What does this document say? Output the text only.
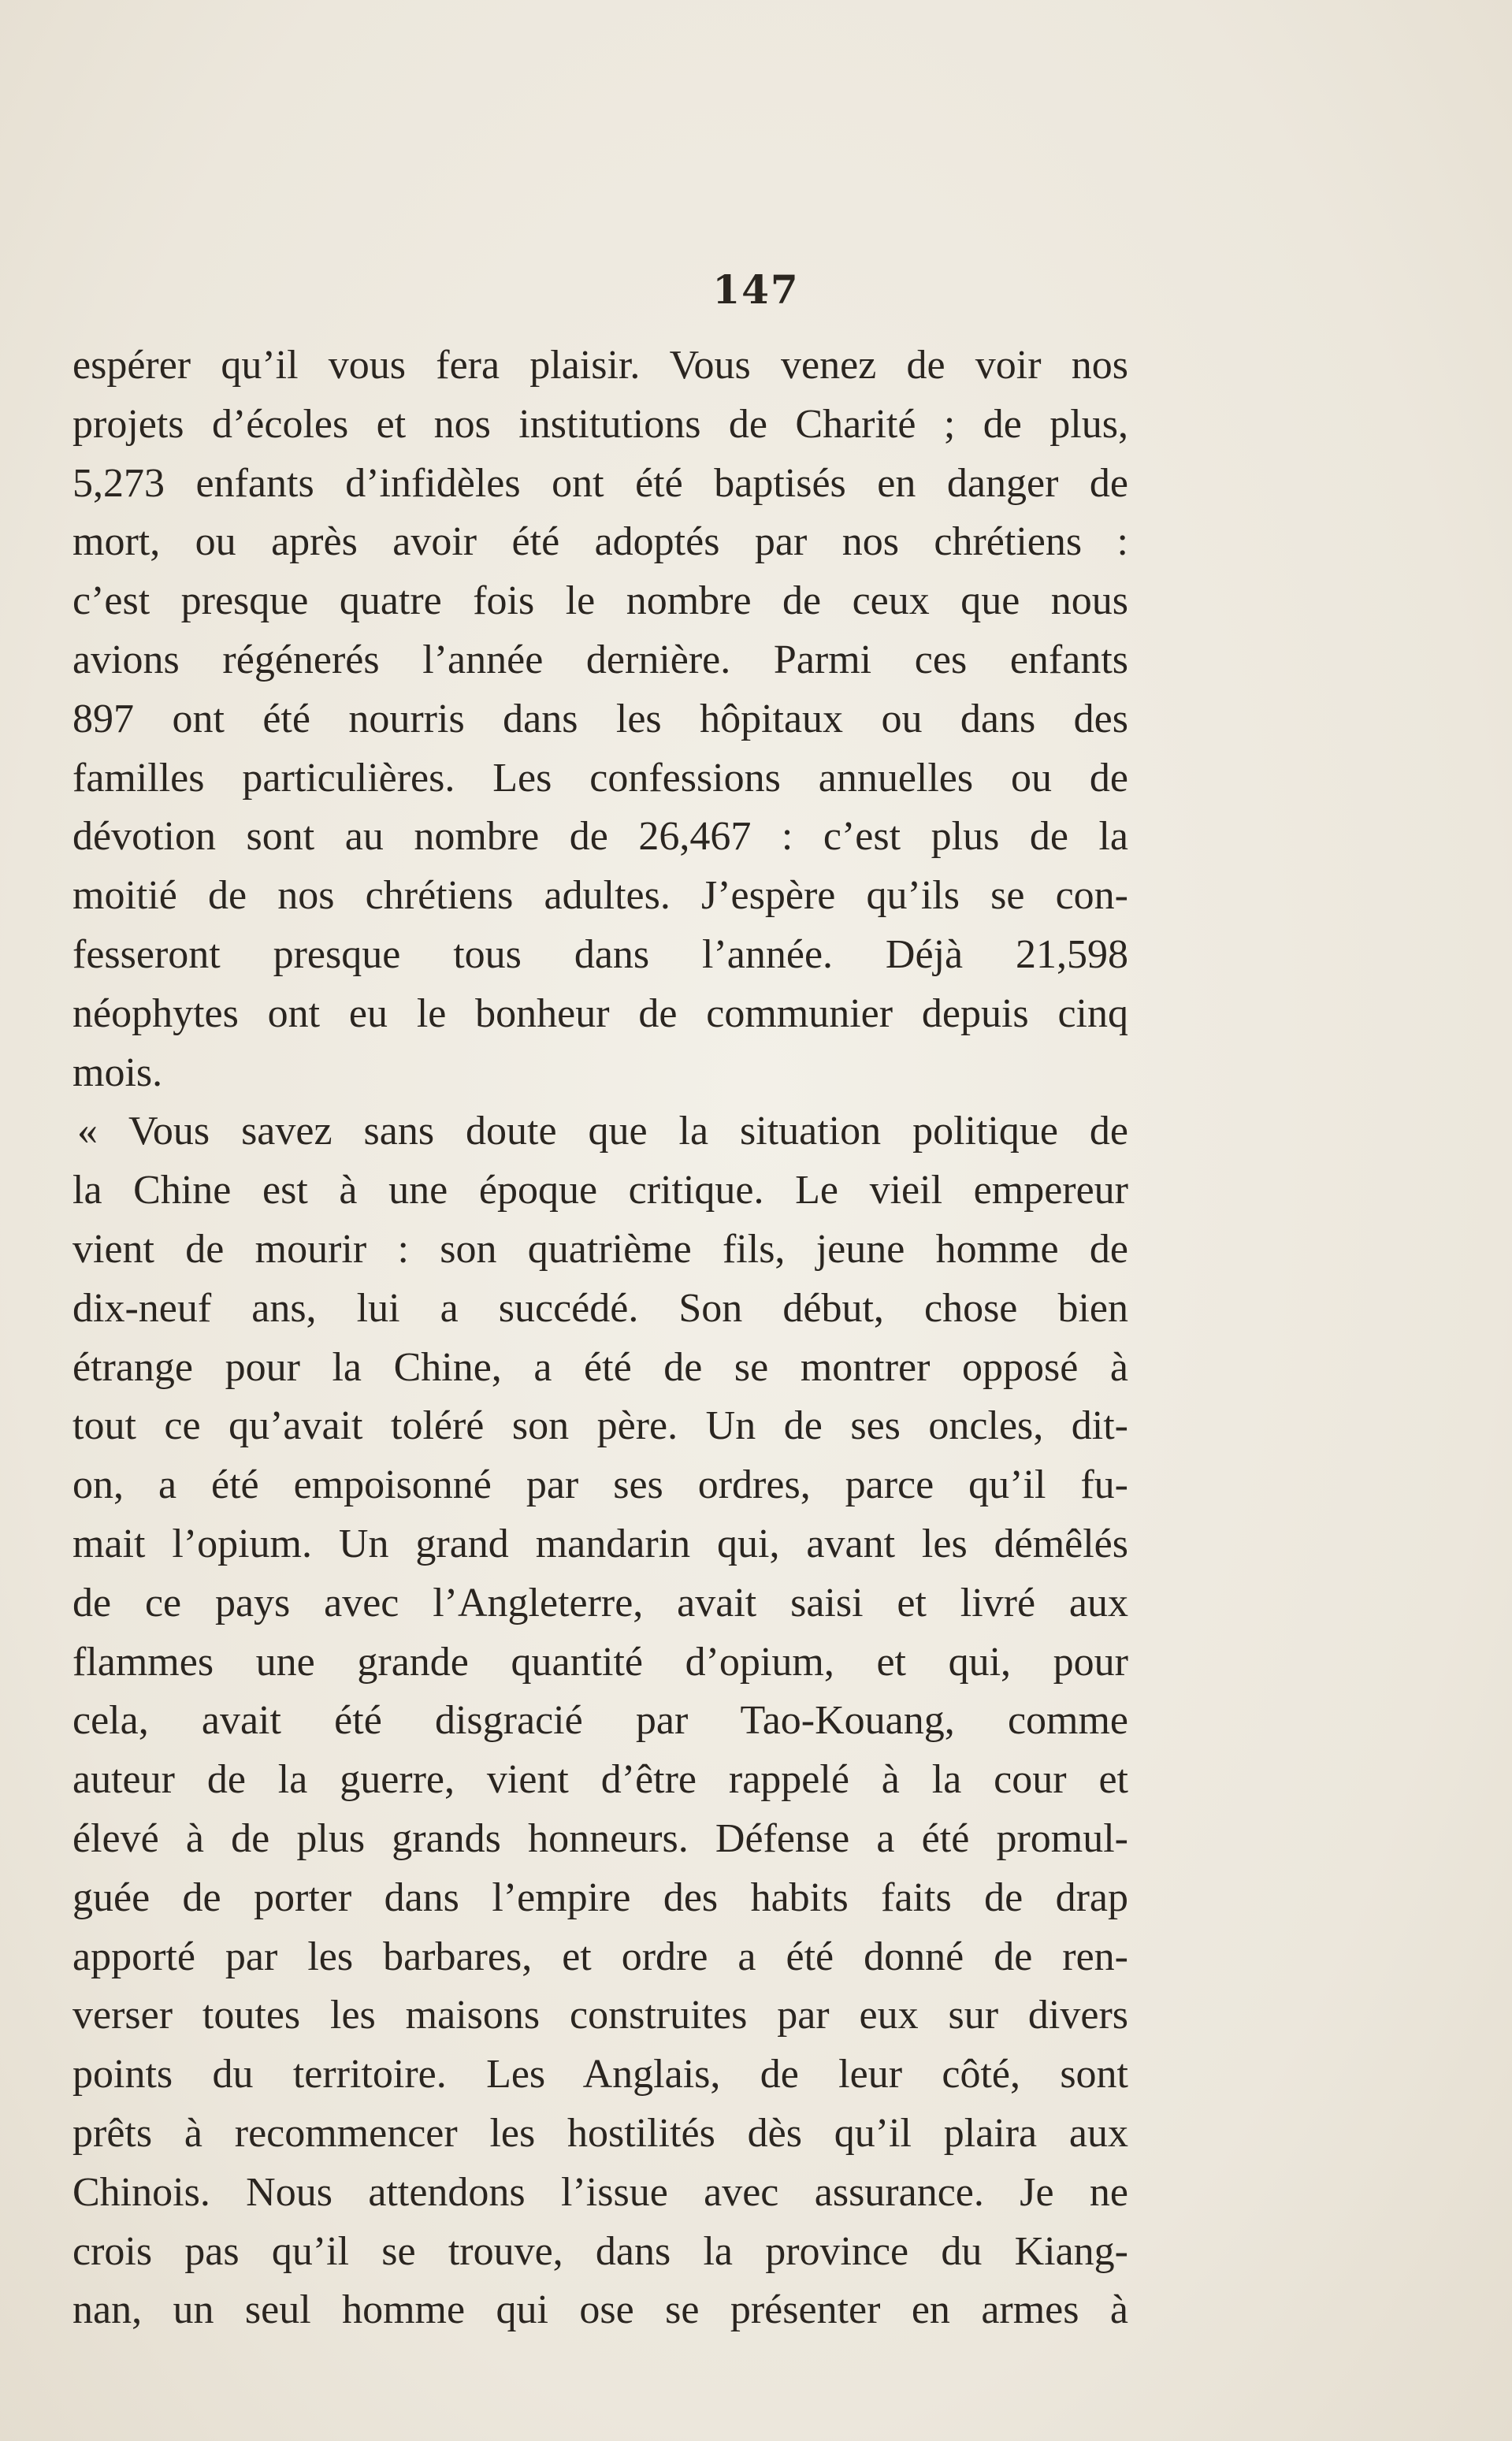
147
espérer qu’il vous fera plaisir. Vous venez de voir nos
projets d’écoles et nos institutions de Charité ; de plus,
5,273 enfants d’infidèles ont été baptisés en danger de
mort, ou après avoir été adoptés par nos chrétiens :
c’est presque quatre fois le nombre de ceux que nous
avions régénerés l’année dernière. Parmi ces enfants
897 ont été nourris dans les hôpitaux ou dans des
familles particulières. Les confessions annuelles ou de
dévotion sont au nombre de 26,467 : c’est plus de la
moitié de nos chrétiens adultes. J’espère qu’ils se con-
fesseront presque tous dans l’année. Déjà 21,598
néophytes ont eu le bonheur de communier depuis cinq
mois.
« Vous savez sans doute que la situation politique de
la Chine est à une époque critique. Le vieil empereur
vient de mourir : son quatrième fils, jeune homme de
dix-neuf ans, lui a succédé. Son début, chose bien
étrange pour la Chine, a été de se montrer opposé à
tout ce qu’avait toléré son père. Un de ses oncles, dit-
on, a été empoisonné par ses ordres, parce qu’il fu-
mait l’opium. Un grand mandarin qui, avant les démêlés
de ce pays avec l’Angleterre, avait saisi et livré aux
flammes une grande quantité d’opium, et qui, pour
cela, avait été disgracié par Tao-Kouang, comme
auteur de la guerre, vient d’être rappelé à la cour et
élevé à de plus grands honneurs. Défense a été promul-
guée de porter dans l’empire des habits faits de drap
apporté par les barbares, et ordre a été donné de ren-
verser toutes les maisons construites par eux sur divers
points du territoire. Les Anglais, de leur côté, sont
prêts à recommencer les hostilités dès qu’il plaira aux
Chinois. Nous attendons l’issue avec assurance. Je ne
crois pas qu’il se trouve, dans la province du Kiang-
nan, un seul homme qui ose se présenter en armes à
